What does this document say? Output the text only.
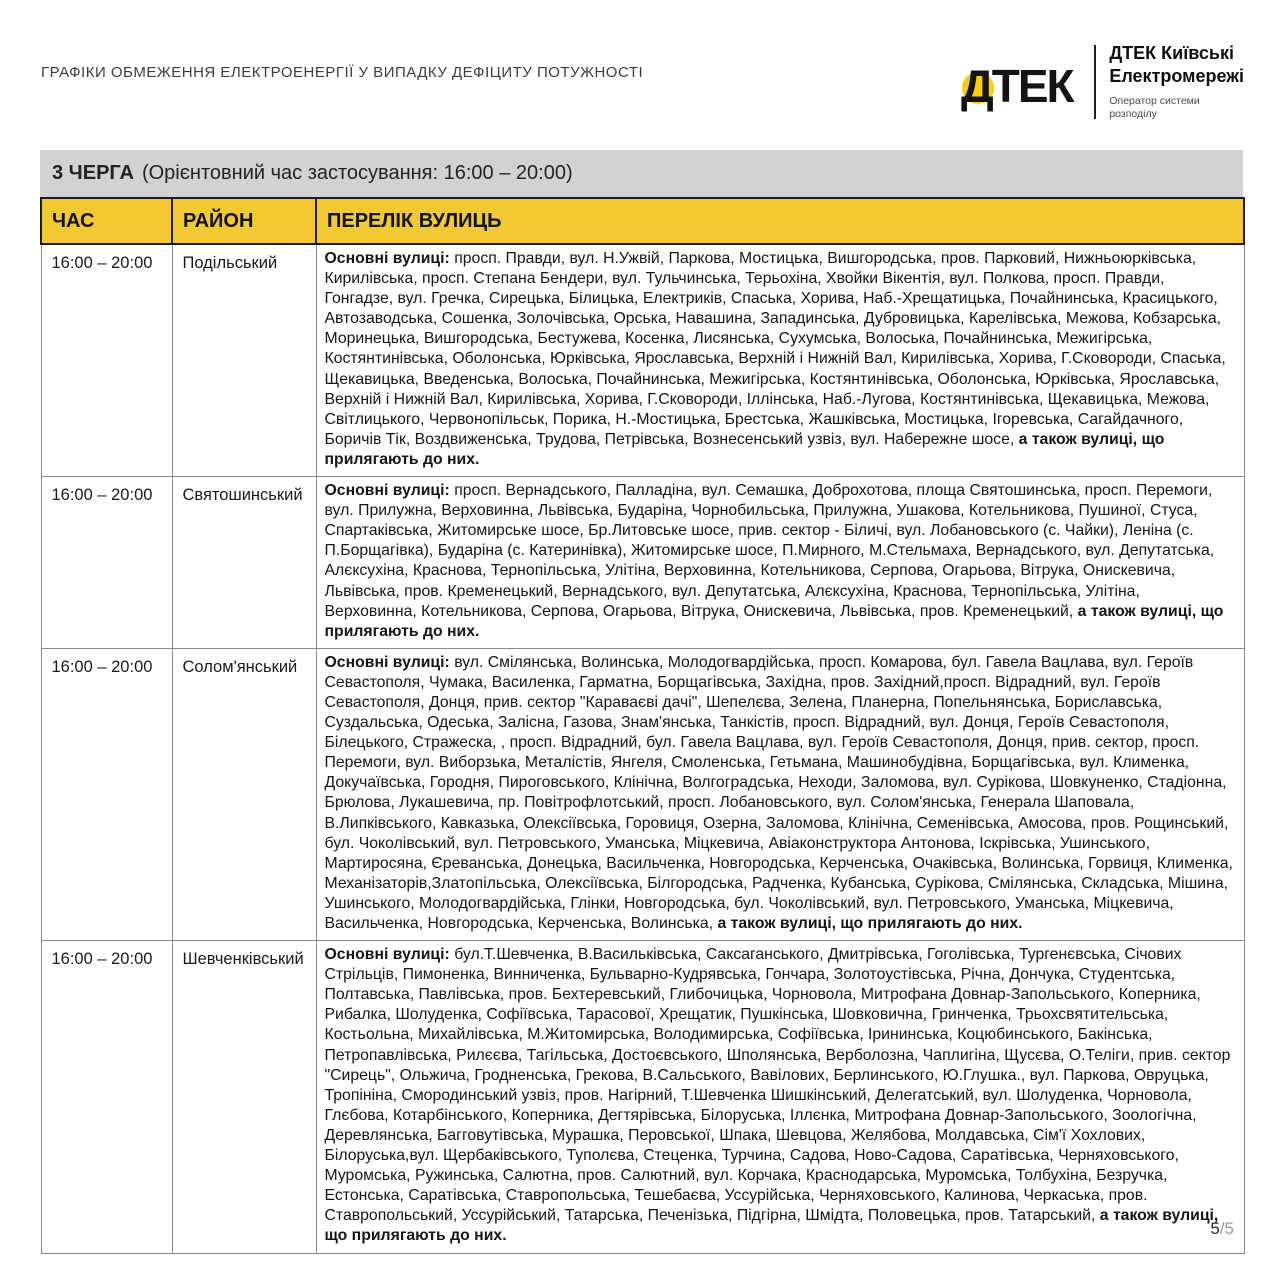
ГРАФІКИ ОБМЕЖЕННЯ ЕЛЕКТРОЕНЕРГІЇ У ВИПАДКУ ДЕФІЦИТУ ПОТУЖНОСТІ	ДТЕК
ДТЕК Київські
Електромережі
Оператор системи
розподілу
3 ЧЕРГА (Орієнтовний час застосування: 16:00 – 20:00)
ЧАС	РАЙОН	ПЕРЕЛІК ВУЛИЦЬ
16:00 – 20:00	Подільський	Основні вулиці: просп. Правди, вул. Н.Ужвій, Паркова, Мостицька, Вишгородська, пров. Парковий, Нижньоюрківська, Кирилівська, просп. Степана Бендери, вул. Тульчинська, Терьохіна, Хвойки Вікентія, вул. Полкова, просп. Правди, Гонгадзе, вул. Гречка, Сирецька, Білицька, Електриків, Спаська, Хорива, Наб.-Хрещатицька, Почайнинська, Красицького, Автозаводська, Сошенка, Золочівська, Орська, Навашина, Западинська, Дубровицька, Карелівська, Межова, Кобзарська, Моринецька, Вишгородська, Бестужева, Косенка, Лисянська, Сухумська, Волоська, Почайнинська, Межигірська, Костянтинівська, Оболонська, Юрківська, Ярославська, Верхній і Нижній Вал, Кирилівська, Хорива, Г.Сковороди, Спаська, Щекавицька, Введенська, Волоська, Почайнинська, Межигірська, Костянтинівська, Оболонська, Юрківська, Ярославська, Верхній і Нижній Вал, Кирилівська, Хорива, Г.Сковороди, Іллінська, Наб.-Лугова, Костянтинівська, Щекавицька, Межова, Світлицького, Червонопільськ, Порика, Н.-Мостицька, Брестська, Жашківська, Мостицька, Ігоревська, Сагайдачного, Боричів Тік, Воздвиженська, Трудова, Петрівська, Вознесенський узвіз, вул. Набережне шосе, а також вулиці, що прилягають до них.
16:00 – 20:00	Святошинський	Основні вулиці: просп. Вернадського, Палладіна, вул. Семашка, Доброхотова, площа Святошинська, просп. Перемоги, вул. Прилужна, Верховинна, Львівська, Бударіна, Чорнобильська, Прилужна, Ушакова, Котельникова, Пушиної, Стуса, Спартаківська, Житомирське шосе, Бр.Литовське шосе, прив. сектор - Біличі, вул. Лобановського (с. Чайки), Леніна (с. П.Борщагівка), Бударіна (с. Катеринівка), Житомирське шосе, П.Мирного, М.Стельмаха, Вернадського, вул. Депутатська, Алєксухіна, Краснова, Тернопільська, Улітіна, Верховинна, Котельникова, Серпова, Огарьова, Вітрука, Онискевича, Львівська, пров. Кременецький, Вернадського, вул. Депутатська, Алєксухіна, Краснова, Тернопільська, Улітіна, Верховинна, Котельникова, Серпова, Огарьова, Вітрука, Онискевича, Львівська, пров. Кременецький, а також вулиці, що прилягають до них.
16:00 – 20:00	Солом'янський	Основні вулиці: вул. Смілянська, Волинська, Молодогвардійська, просп. Комарова, бул. Гавела Вацлава, вул. Героїв Севастополя, Чумака, Василенка, Гарматна, Борщагівська, Західна, пров. Західний,просп. Відрадний, вул. Героїв Севастополя, Донця, прив. сектор "Караваєві дачі", Шепелєва, Зелена, Планерна, Попельнянська, Бориславська, Суздальська, Одеська, Залісна, Газова, Знам'янська, Танкістів, просп. Відрадний, вул. Донця, Героїв Севастополя, Білецького, Стражеска, , просп. Відрадний, бул. Гавела Вацлава, вул. Героїв Севастополя, Донця, прив. сектор, просп. Перемоги, вул. Виборзька, Металістів, Янгеля, Смоленська, Гетьмана, Машинобудівна, Борщагівська, вул. Клименка, Докучаївська, Городня, Пироговського, Клінічна, Волгоградська, Неходи, Заломова, вул. Сурікова, Шовкуненко, Стадіонна, Брюлова, Лукашевича, пр. Повітрофлотський, просп. Лобановського, вул. Солом'янська, Генерала Шаповала, В.Липківського, Кавказька, Олексіївська, Горовиця, Озерна, Заломова, Клінічна, Семенівська, Амосова, пров. Рощинський, бул. Чоколівський, вул. Петровського, Уманська, Міцкевича, Авіаконструктора Антонова, Іскрівська, Ушинського, Мартиросяна, Єреванська, Донецька, Васильченка, Новгородська, Керченська, Очаківська, Волинська, Горвиця, Клименка, Механізаторів,Златопільська, Олексіївська, Білгородська, Радченка, Кубанська, Сурікова, Смілянська, Складська, Мішина, Ушинського, Молодогвардійська, Глінки, Новгородська, бул. Чоколівський, вул. Петровського, Уманська, Міцкевича, Васильченка, Новгородська, Керченська, Волинська, а також вулиці, що прилягають до них.
16:00 – 20:00	Шевченківський	Основні вулиці: бул.Т.Шевченка, В.Васильківська, Саксаганського, Дмитрівська, Гоголівська, Тургенєвська, Січових Стрільців, Пимоненка, Винниченка, Бульварно-Кудрявська, Гончара, Золотоустівська, Річна, Дончука, Студентська, Полтавська, Павлівська, пров. Бехтеревський, Глибочицька, Чорновола, Митрофана Довнар-Запольського, Коперника, Рибалка, Шолуденка, Софіївська, Тарасової, Хрещатик, Пушкінська, Шовковична, Гринченка, Трьохсвятительська, Костьольна, Михайлівська, М.Житомирська, Володимирська, Софіївська, Ірининська, Коцюбинського, Бакінська, Петропавлівська, Рилєєва, Тагільська, Достоєвського, Шполянська, Верболозна, Чаплигіна, Щусєва, О.Теліги, прив. сектор "Сирець", Ольжича, Гродненська, Грекова, В.Сальського, Вавілових, Берлинського, Ю.Глушка., вул. Паркова, Овруцька, Тропініна, Смородинський узвіз, пров. Нагірний, Т.Шевченка Шишкінський, Делегатський, вул. Шолуденка, Чорновола, Глєбова, Котарбінського, Коперника, Дегтярівська, Білоруська, Іллєнка, Митрофана Довнар-Запольського, Зоологічна, Деревлянська, Багговутівська, Мурашка, Перовської, Шпака, Шевцова, Желябова, Молдавська, Сім'ї Хохлових, Білоруська,вул. Щербаківського, Туполєва, Стеценка, Турчина, Садова, Ново-Садова, Саратівська, Черняховського, Муромська, Ружинська, Салютна, пров. Салютний, вул. Корчака, Краснодарська, Муромська, Толбухіна, Безручка, Естонська, Саратівська, Ставропольська, Тешебаєва, Уссурійська, Черняховського, Калинова, Черкаська, пров. Ставропольський, Уссурійський, Татарська, Печенізька, Підгірна, Шмідта, Половецька, пров. Татарський, а також вулиці, що прилягають до них.	5/5
